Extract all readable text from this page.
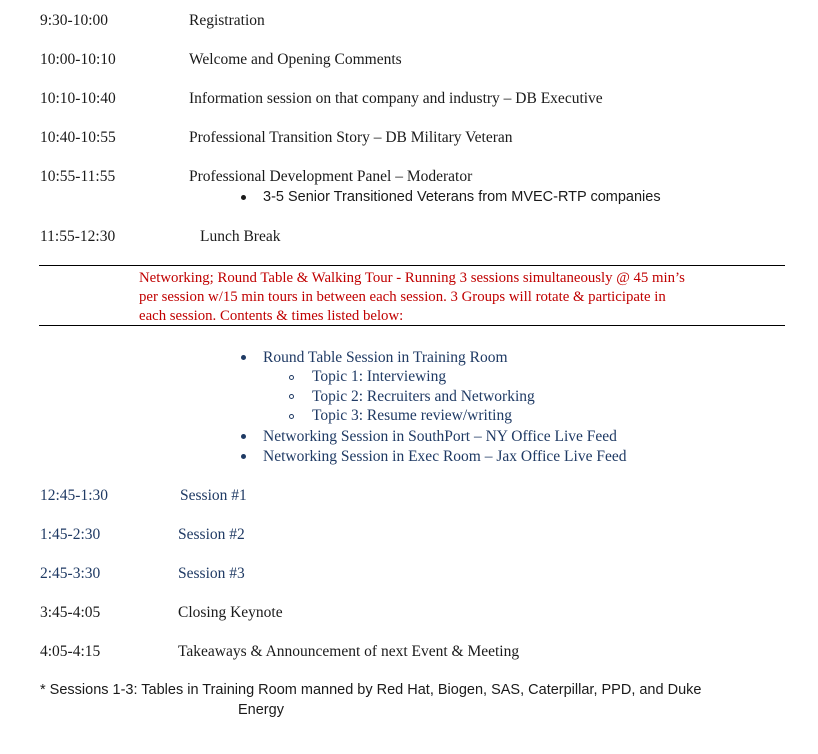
9:30-10:00	Registration
10:00-10:10	Welcome and Opening Comments
10:10-10:40	Information session on that company and industry – DB Executive
10:40-10:55	Professional Transition Story – DB Military Veteran
10:55-11:55	Professional Development Panel – Moderator
3-5 Senior Transitioned Veterans from MVEC-RTP companies
11:55-12:30	Lunch Break
Networking; Round Table & Walking Tour - Running 3 sessions simultaneously @ 45 min’s
per session w/15 min tours in between each session. 3 Groups will rotate & participate in
each session. Contents & times listed below:
Round Table Session in Training Room
Topic 1: Interviewing
Topic 2: Recruiters and Networking
Topic 3: Resume review/writing
Networking Session in SouthPort – NY Office Live Feed
Networking Session in Exec Room – Jax Office Live Feed
12:45-1:30	Session #1
1:45-2:30	Session #2
2:45-3:30	Session #3
3:45-4:05	Closing Keynote
4:05-4:15	Takeaways & Announcement of next Event & Meeting
* Sessions 1-3: Tables in Training Room manned by Red Hat, Biogen, SAS, Caterpillar, PPD, and Duke
Energy
